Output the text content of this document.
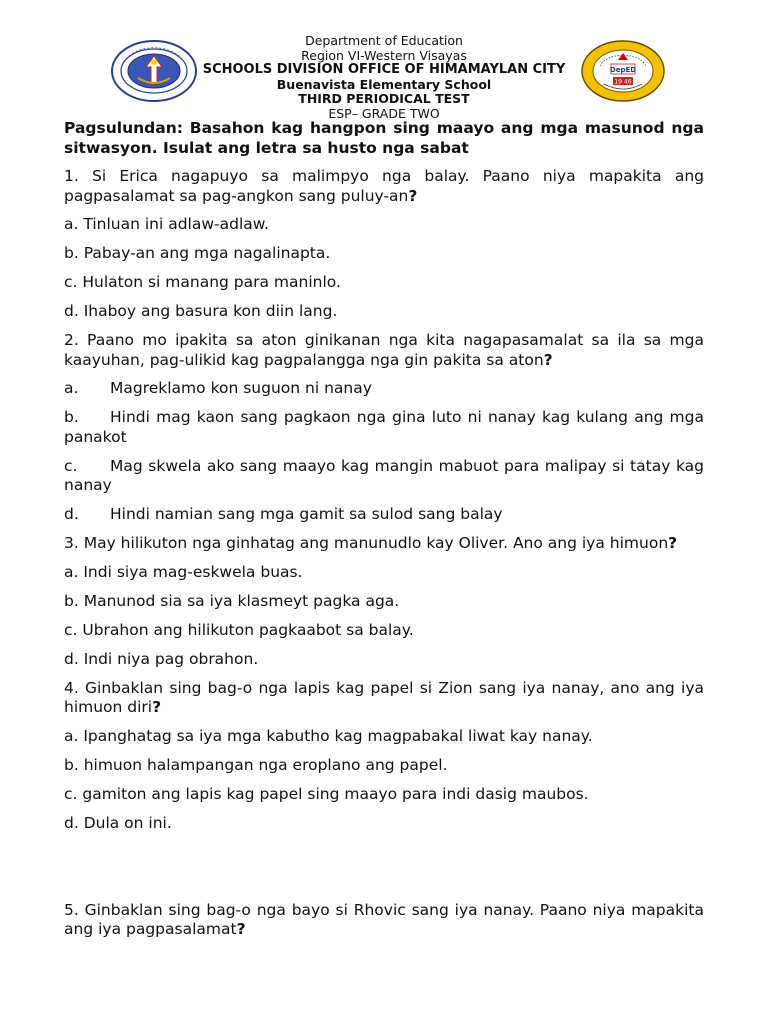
DepED
19 46
Department of Education
Region VI-Western Visayas
SCHOOLS DIVISION OFFICE OF HIMAMAYLAN CITY
Buenavista Elementary School
THIRD PERIODICAL TEST
ESP– GRADE TWO

Pagsulundan: Basahon kag hangpon sing maayo ang mga masunod nga sitwasyon. Isulat ang letra sa husto nga sabat

1. Si Erica nagapuyo sa malimpyo nga balay. Paano niya mapakita ang pagpasalamat sa pag-angkon sang puluy-an?

a. Tinluan ini adlaw-adlaw.

b. Pabay-an ang mga nagalinapta.

c. Hulaton si manang para maninlo.

d. Ihaboy ang basura kon diin lang.

2. Paano mo ipakita sa aton ginikanan nga kita nagapasamalat sa ila sa mga kaayuhan, pag-ulikid kag pagpalangga nga gin pakita sa aton?

a.	Magreklamo kon suguon ni nanay
b. Hindi mag kaon sang pagkaon nga gina luto ni nanay kag kulang ang mga panakot
c. Mag skwela ako sang maayo kag mangin mabuot para malipay si tatay kag nanay
d.	Hindi namian sang mga gamit sa sulod sang balay

3. May hilikuton nga ginhatag ang manunudlo kay Oliver. Ano ang iya himuon?

a. Indi siya mag-eskwela buas.

b. Manunod sia sa iya klasmeyt pagka aga.

c. Ubrahon ang hilikuton pagkaabot sa balay.

d. Indi niya pag obrahon.

4. Ginbaklan sing bag-o nga lapis kag papel si Zion sang iya nanay, ano ang iya himuon diri?

a. Ipanghatag sa iya mga kabutho kag magpabakal liwat kay nanay.

b. himuon halampangan nga eroplano ang papel.

c. gamiton ang lapis kag papel sing maayo para indi dasig maubos.

d. Dula on ini.

5. Ginbaklan sing bag-o nga bayo si Rhovic sang iya nanay. Paano niya mapakita ang iya pagpasalamat?
